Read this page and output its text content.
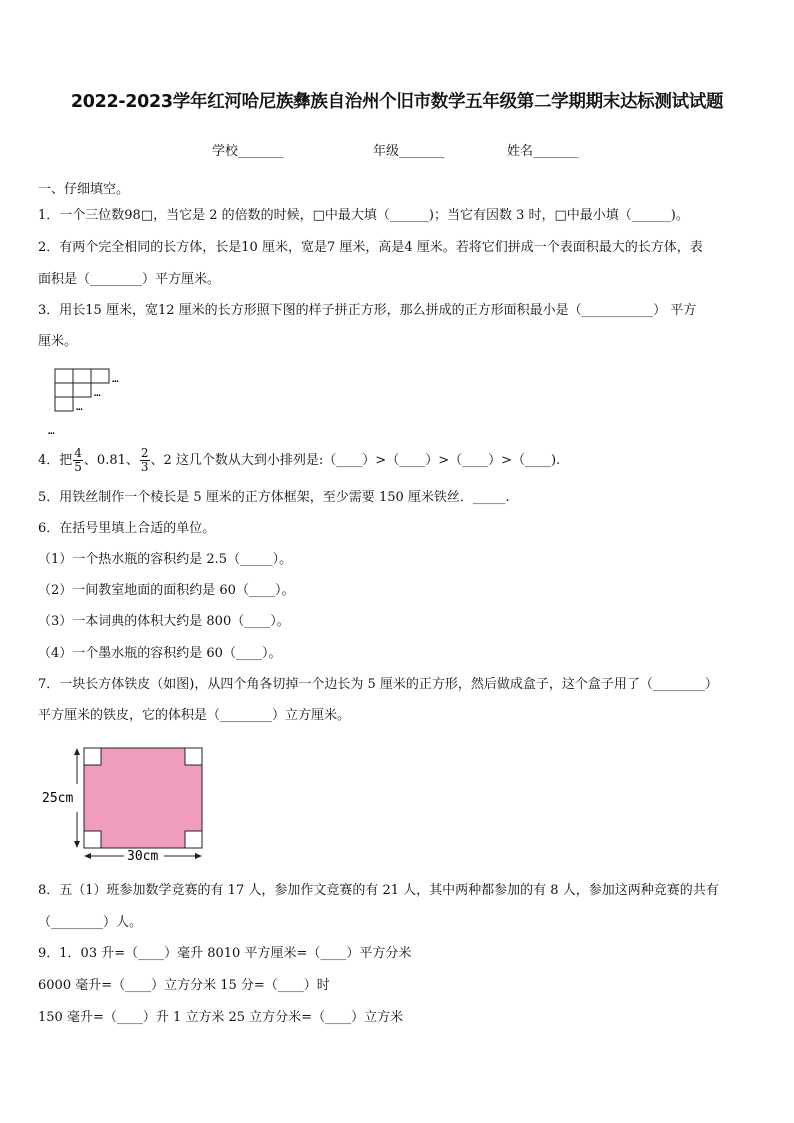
2022-2023学年红河哈尼族彝族自治州个旧市数学五年级第二学期期末达标测试试题
学校_______	年级_______	姓名_______
一、仔细填空。
1．一个三位数98□，当它是 2 的倍数的时候，□中最大填（______)；当它有因数 3 时，□中最小填（______)。
2．有两个完全相同的长方体，长是10 厘米，宽是7 厘米，高是4 厘米。若将它们拼成一个表面积最大的长方体，表
面积是（________）平方厘米。
3．用长15 厘米，宽12 厘米的长方形照下图的样子拼正方形，那么拼成的正方形面积最小是（___________） 平方
厘米。
…
…
…
…
4．把 $\frac{4}{5}$ 、0.81、 $\frac{2}{3}$ 、2 这几个数从大到小排列是:（____）>（____）>（____）>（____).
5．用铁丝制作一个棱长是 5 厘米的正方体框架，至少需要 150 厘米铁丝．_____.
6．在括号里填上合适的单位。
（1）一个热水瓶的容积约是 2.5（_____）。
（2）一间教室地面的面积约是 60（____）。
（3）一本词典的体积大约是 800（____）。
（4）一个墨水瓶的容积约是 60（____）。
7．一块长方体铁皮（如图)，从四个角各切掉一个边长为 5 厘米的正方形，然后做成盒子，这个盒子用了（________）
平方厘米的铁皮，它的体积是（________）立方厘米。
25cm
30cm
8．五（1）班参加数学竞赛的有 17 人，参加作文竞赛的有 21 人，其中两种都参加的有 8 人，参加这两种竞赛的共有
（________）人。
9．1．03 升=（____）毫升 8010 平方厘米=（____）平方分米
6000 毫升=（____）立方分米 15 分=（____）时
150 毫升=（____）升 1 立方米 25 立方分米=（____）立方米
